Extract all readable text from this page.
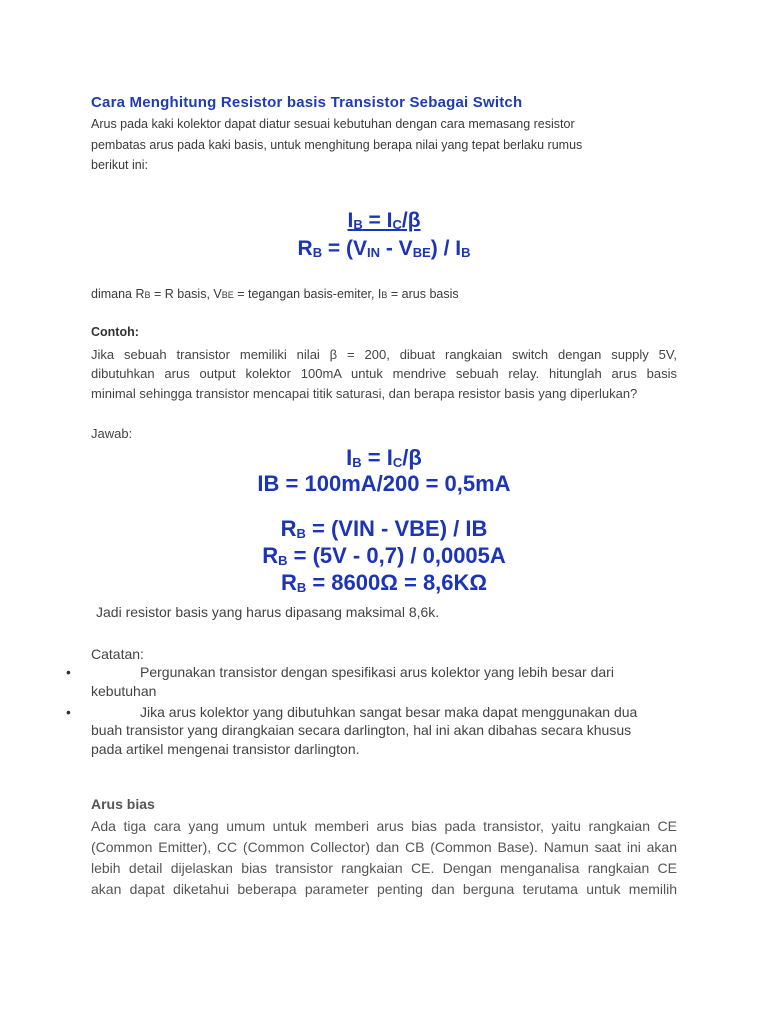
Cara Menghitung Resistor basis Transistor Sebagai Switch
Arus pada kaki kolektor dapat diatur sesuai kebutuhan dengan cara memasang resistor
pembatas arus pada kaki basis, untuk menghitung berapa nilai yang tepat berlaku rumus
berikut ini:
IB = IC/β
RB = (VIN - VBE) / IB
dimana RB = R basis, VBE = tegangan basis-emiter, IB = arus basis
Contoh:
Jika sebuah transistor memiliki nilai β = 200, dibuat rangkaian switch dengan supply 5V,
dibutuhkan arus output kolektor 100mA untuk mendrive sebuah relay. hitunglah arus basis
minimal sehingga transistor mencapai titik saturasi, dan berapa resistor basis yang diperlukan?
Jawab:
IB = IC/β
IB = 100mA/200 = 0,5mA
RB = (VIN - VBE) / IB
RB = (5V - 0,7) / 0,0005A
RB = 8600Ω = 8,6KΩ
Jadi resistor basis yang harus dipasang maksimal 8,6k.
Catatan:
•	Pergunakan transistor dengan spesifikasi arus kolektor yang lebih besar dari
kebutuhan
•	Jika arus kolektor yang dibutuhkan sangat besar maka dapat menggunakan dua
buah transistor yang dirangkaian secara darlington, hal ini akan dibahas secara khusus
pada artikel mengenai transistor darlington.
Arus bias
Ada tiga cara yang umum untuk memberi arus bias pada transistor, yaitu rangkaian CE
(Common Emitter), CC (Common Collector) dan CB (Common Base). Namun saat ini akan
lebih detail dijelaskan bias transistor rangkaian CE. Dengan menganalisa rangkaian CE
akan dapat diketahui beberapa parameter penting dan berguna terutama untuk memilih
